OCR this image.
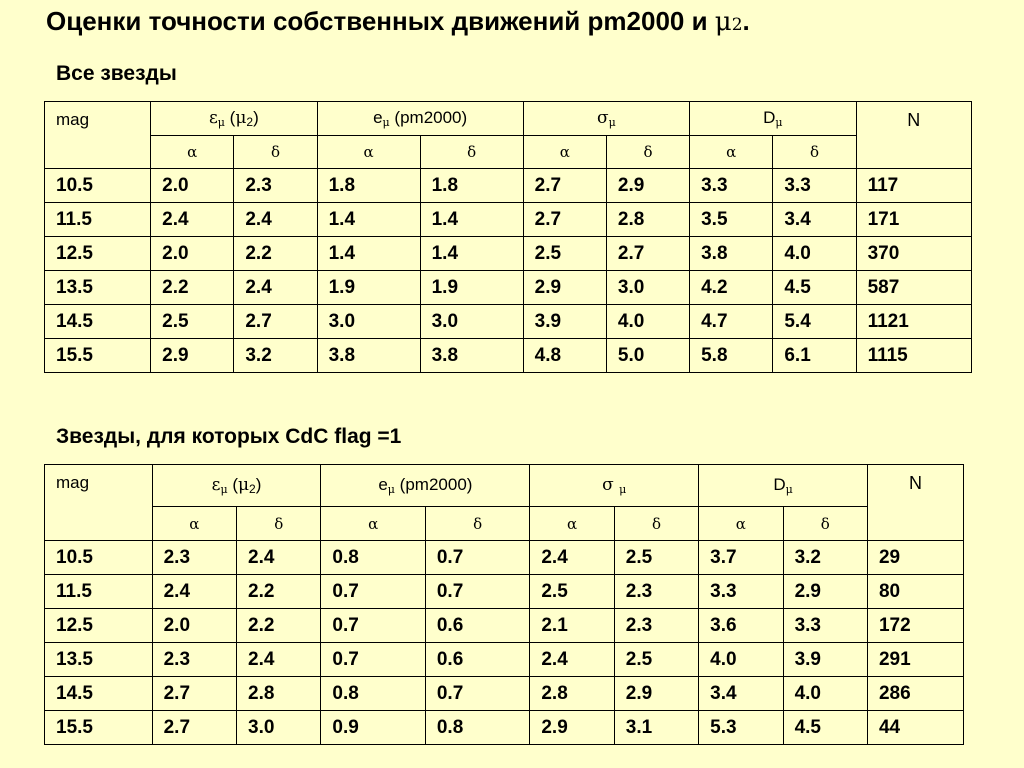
Оценки точности собственных движений pm2000 и μ2.
Все звезды
mag	$\varepsilon_\mu$ (μ2)		$e_\mu$ (pm2000)		$\sigma_\mu$		$D_\mu$		N
	α	δ	α	δ	α	δ	α	δ	
10.5	2.0	2.3	1.8	1.8	2.7	2.9	3.3	3.3	117
11.5	2.4	2.4	1.4	1.4	2.7	2.8	3.5	3.4	171
12.5	2.0	2.2	1.4	1.4	2.5	2.7	3.8	4.0	370
13.5	2.2	2.4	1.9	1.9	2.9	3.0	4.2	4.5	587
14.5	2.5	2.7	3.0	3.0	3.9	4.0	4.7	5.4	1121
15.5	2.9	3.2	3.8	3.8	4.8	5.0	5.8	6.1	1115
Звезды, для которых CdC flag =1
mag	$\varepsilon_\mu$ (μ2)		$e_\mu$ (pm2000)		σ $_\mu$		$D_\mu$		N
	α	δ	α	δ	α	δ	α	δ	
10.5	2.3	2.4	0.8	0.7	2.4	2.5	3.7	3.2	29
11.5	2.4	2.2	0.7	0.7	2.5	2.3	3.3	2.9	80
12.5	2.0	2.2	0.7	0.6	2.1	2.3	3.6	3.3	172
13.5	2.3	2.4	0.7	0.6	2.4	2.5	4.0	3.9	291
14.5	2.7	2.8	0.8	0.7	2.8	2.9	3.4	4.0	286
15.5	2.7	3.0	0.9	0.8	2.9	3.1	5.3	4.5	44
